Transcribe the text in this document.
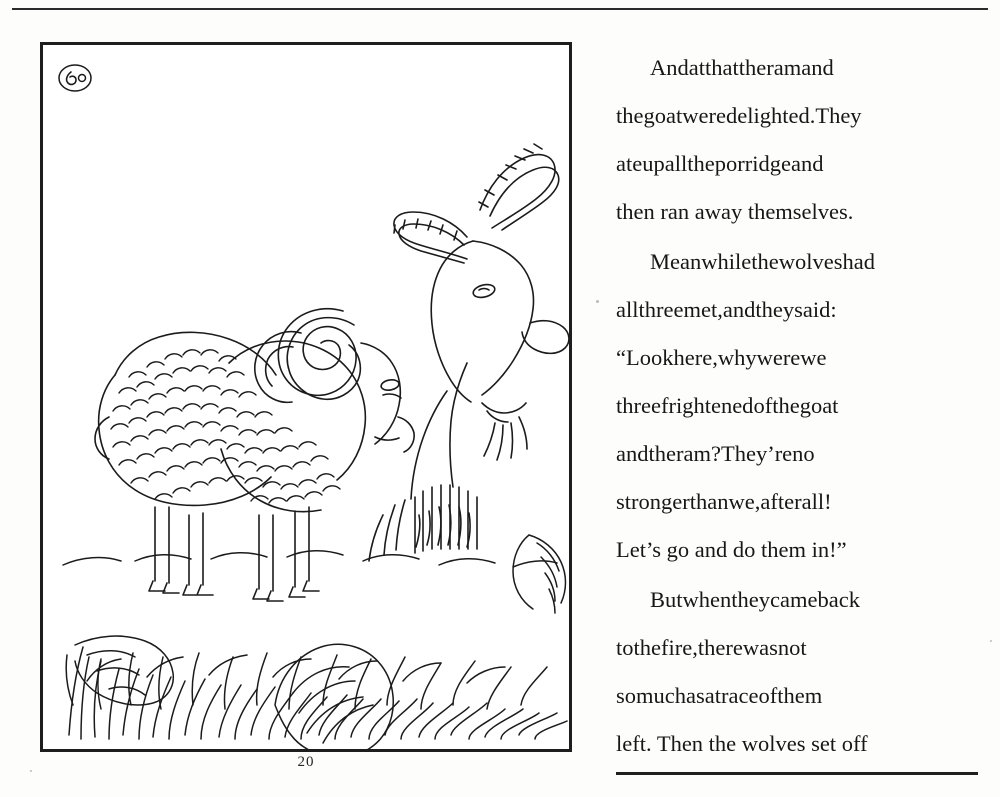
20

Andatthattheramand
thegoatweredelighted.They
ateupalltheporridgeand
then ran away themselves.

Meanwhilethewolveshad
allthreemet,andtheysaid:
“Lookhere,whywerewe
threefrightenedofthegoat
andtheram?They’reno
strongerthanwe,afterall!
Let’s go and do them in!”

Butwhentheycameback
tothefire,therewasnot
somuchasatraceofthem
left. Then the wolves set off
